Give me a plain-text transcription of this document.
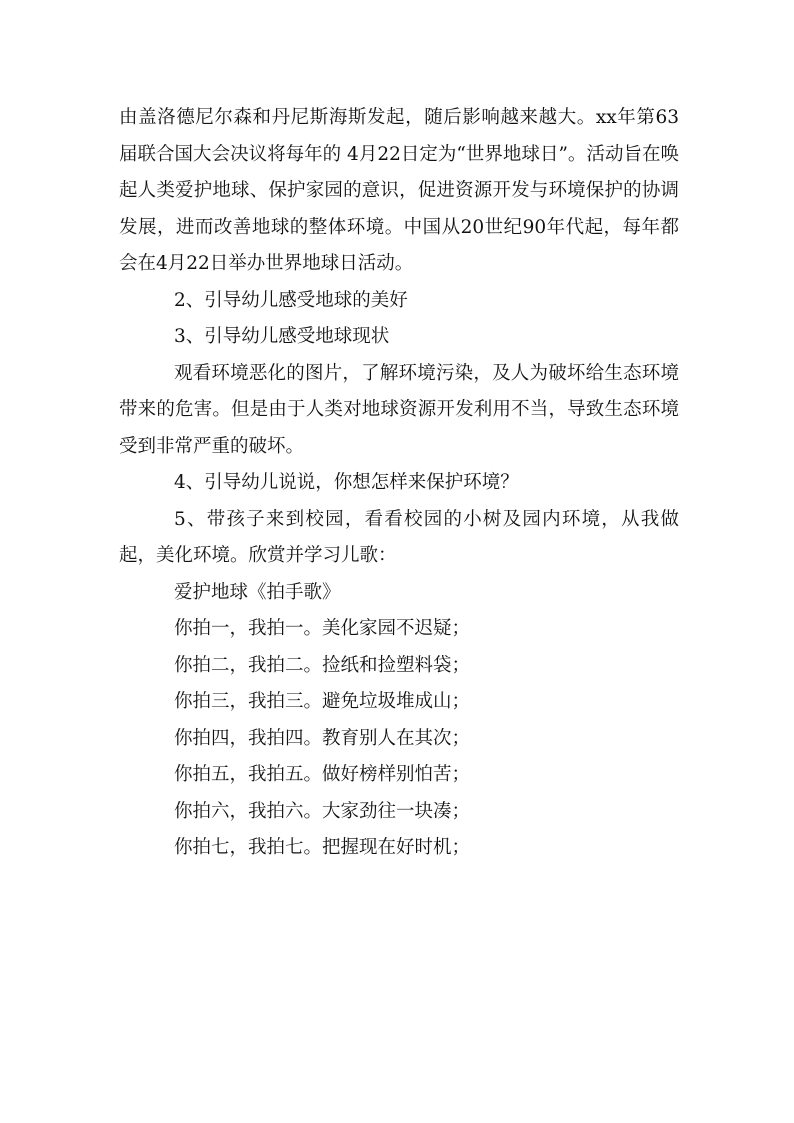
由盖洛德尼尔森和丹尼斯海斯发起，随后影响越来越大。xx年第63届联合国大会决议将每年的 4月22日定为“世界地球日”。活动旨在唤起人类爱护地球、保护家园的意识，促进资源开发与环境保护的协调发展，进而改善地球的整体环境。中国从20世纪90年代起，每年都会在4月22日举办世界地球日活动。

2、引导幼儿感受地球的美好

3、引导幼儿感受地球现状

观看环境恶化的图片，了解环境污染，及人为破坏给生态环境带来的危害。但是由于人类对地球资源开发利用不当，导致生态环境受到非常严重的破坏。

4、引导幼儿说说，你想怎样来保护环境？

5、带孩子来到校园，看看校园的小树及园内环境，从我做起，美化环境。欣赏并学习儿歌：

爱护地球《拍手歌》

你拍一，我拍一。美化家园不迟疑；

你拍二，我拍二。捡纸和捡塑料袋；

你拍三，我拍三。避免垃圾堆成山；

你拍四，我拍四。教育别人在其次；

你拍五，我拍五。做好榜样别怕苦；

你拍六，我拍六。大家劲往一块凑；

你拍七，我拍七。把握现在好时机；
